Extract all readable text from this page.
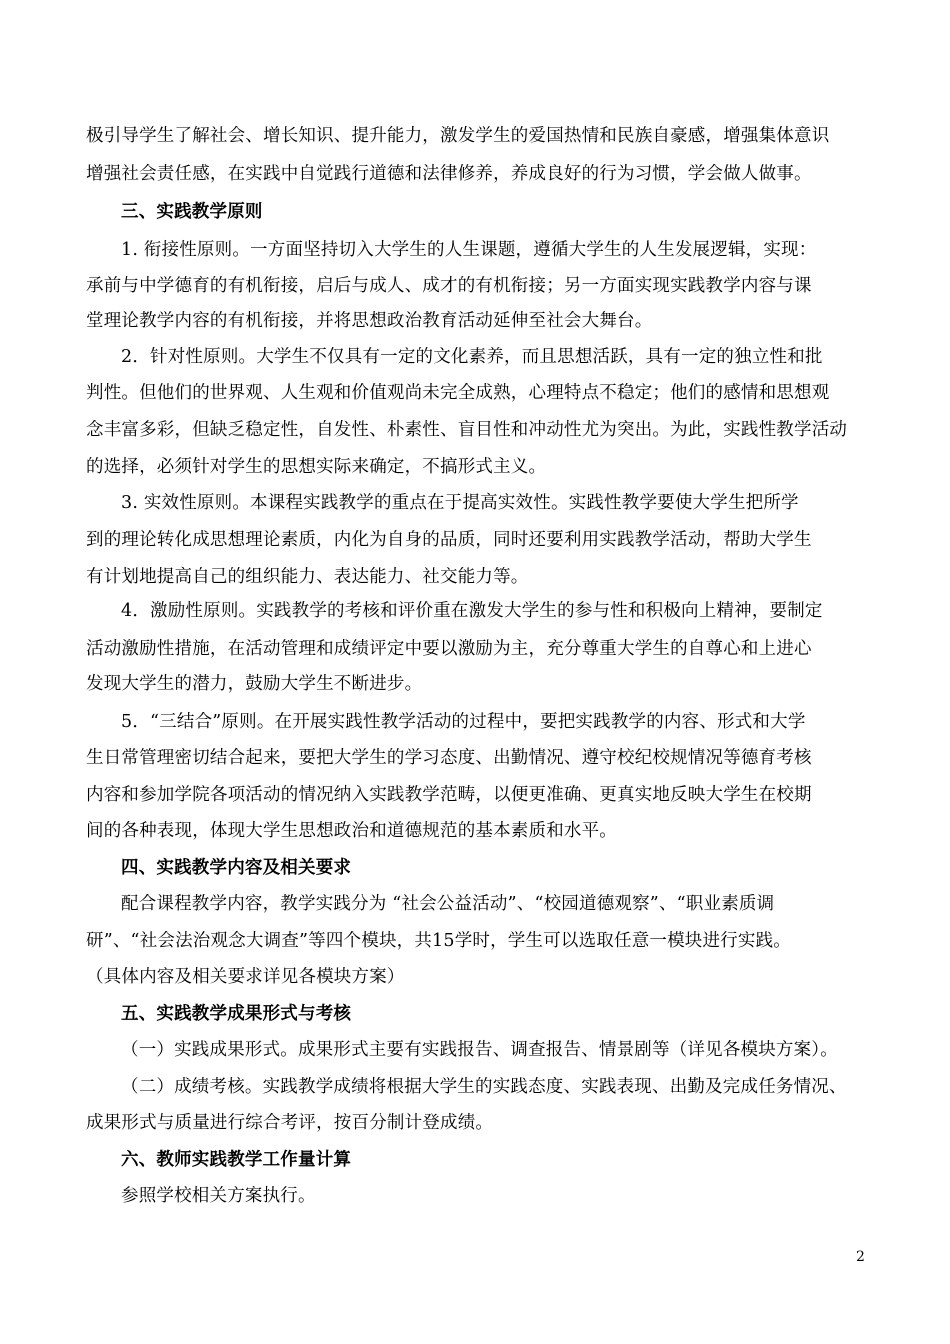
极引导学生了解社会、增长知识、提升能力，激发学生的爱国热情和民族自豪感，增强集体意识
增强社会责任感，在实践中自觉践行道德和法律修养，养成良好的行为习惯，学会做人做事。
三、实践教学原则
1. 衔接性原则。一方面坚持切入大学生的人生课题，遵循大学生的人生发展逻辑，实现：
承前与中学德育的有机衔接，启后与成人、成才的有机衔接；另一方面实现实践教学内容与课
堂理论教学内容的有机衔接，并将思想政治教育活动延伸至社会大舞台。
2．针对性原则。大学生不仅具有一定的文化素养，而且思想活跃，具有一定的独立性和批
判性。但他们的世界观、人生观和价值观尚未完全成熟，心理特点不稳定；他们的感情和思想观
念丰富多彩，但缺乏稳定性，自发性、朴素性、盲目性和冲动性尤为突出。为此，实践性教学活动
的选择，必须针对学生的思想实际来确定，不搞形式主义。
3. 实效性原则。本课程实践教学的重点在于提高实效性。实践性教学要使大学生把所学
到的理论转化成思想理论素质，内化为自身的品质，同时还要利用实践教学活动，帮助大学生
有计划地提高自己的组织能力、表达能力、社交能力等。
4．激励性原则。实践教学的考核和评价重在激发大学生的参与性和积极向上精神，要制定
活动激励性措施，在活动管理和成绩评定中要以激励为主，充分尊重大学生的自尊心和上进心
发现大学生的潜力，鼓励大学生不断进步。
5．“三结合”原则。在开展实践性教学活动的过程中，要把实践教学的内容、形式和大学
生日常管理密切结合起来，要把大学生的学习态度、出勤情况、遵守校纪校规情况等德育考核
内容和参加学院各项活动的情况纳入实践教学范畴，以便更准确、更真实地反映大学生在校期
间的各种表现，体现大学生思想政治和道德规范的基本素质和水平。
四、实践教学内容及相关要求
配合课程教学内容，教学实践分为 “社会公益活动”、“校园道德观察”、“职业素质调
研”、“社会法治观念大调查”等四个模块，共15学时，学生可以选取任意一模块进行实践。
（具体内容及相关要求详见各模块方案）
五、实践教学成果形式与考核
（一）实践成果形式。成果形式主要有实践报告、调查报告、情景剧等（详见各模块方案）。
（二）成绩考核。实践教学成绩将根据大学生的实践态度、实践表现、出勤及完成任务情况、
成果形式与质量进行综合考评，按百分制计登成绩。
六、教师实践教学工作量计算
参照学校相关方案执行。
2
